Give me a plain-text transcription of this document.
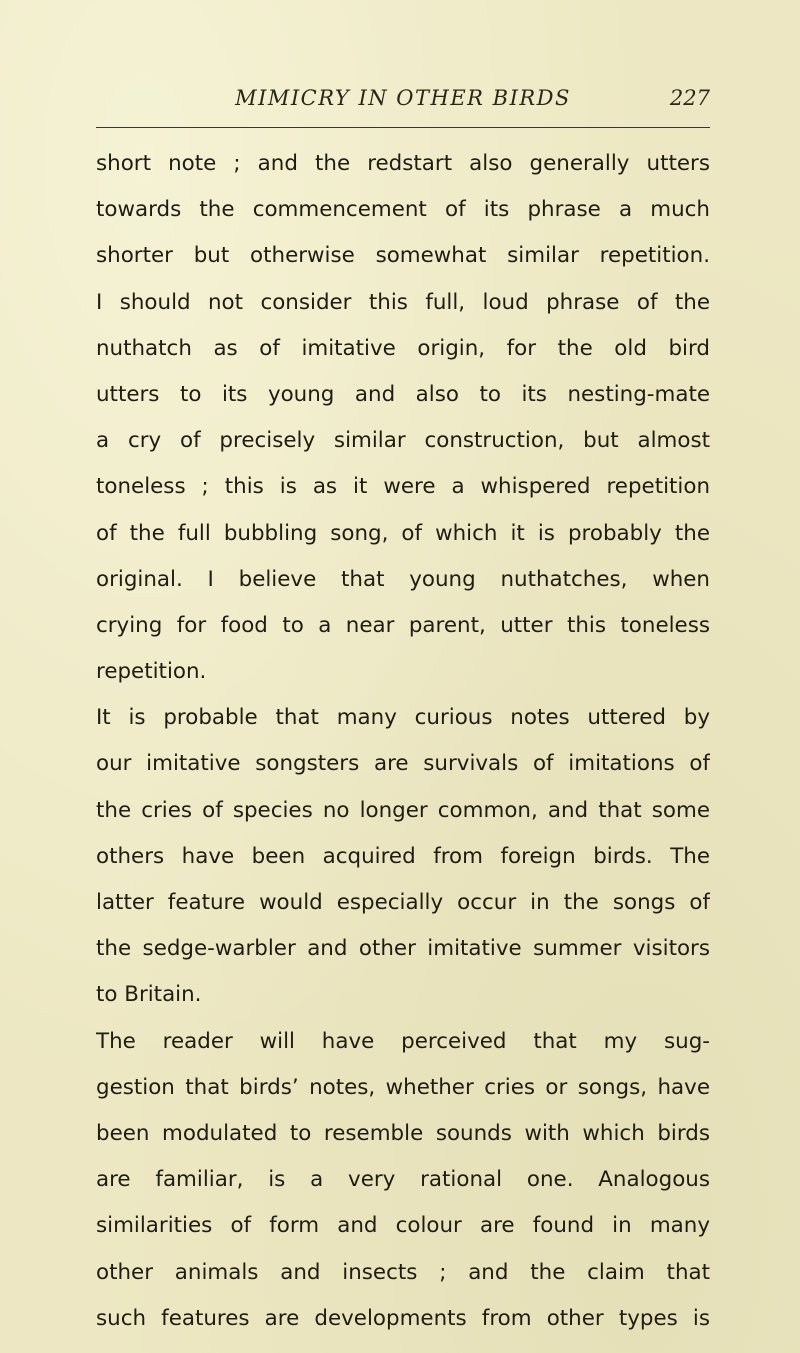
MIMICRY IN OTHER BIRDS	227
short note ; and the redstart also generally utters
towards the commencement of its phrase a much
shorter but otherwise somewhat similar repetition.
I should not consider this full, loud phrase of the
nuthatch as of imitative origin, for the old bird
utters to its young and also to its nesting-mate
a cry of precisely similar construction, but almost
toneless ; this is as it were a whispered repetition
of the full bubbling song, of which it is probably the
original. I believe that young nuthatches, when
crying for food to a near parent, utter this toneless
repetition.
It is probable that many curious notes uttered by
our imitative songsters are survivals of imitations of
the cries of species no longer common, and that some
others have been acquired from foreign birds. The
latter feature would especially occur in the songs of
the sedge-warbler and other imitative summer visitors
to Britain.
The reader will have perceived that my sug-
gestion that birds’ notes, whether cries or songs, have
been modulated to resemble sounds with which birds
are familiar, is a very rational one. Analogous
similarities of form and colour are found in many
other animals and insects ; and the claim that
such features are developments from other types is
